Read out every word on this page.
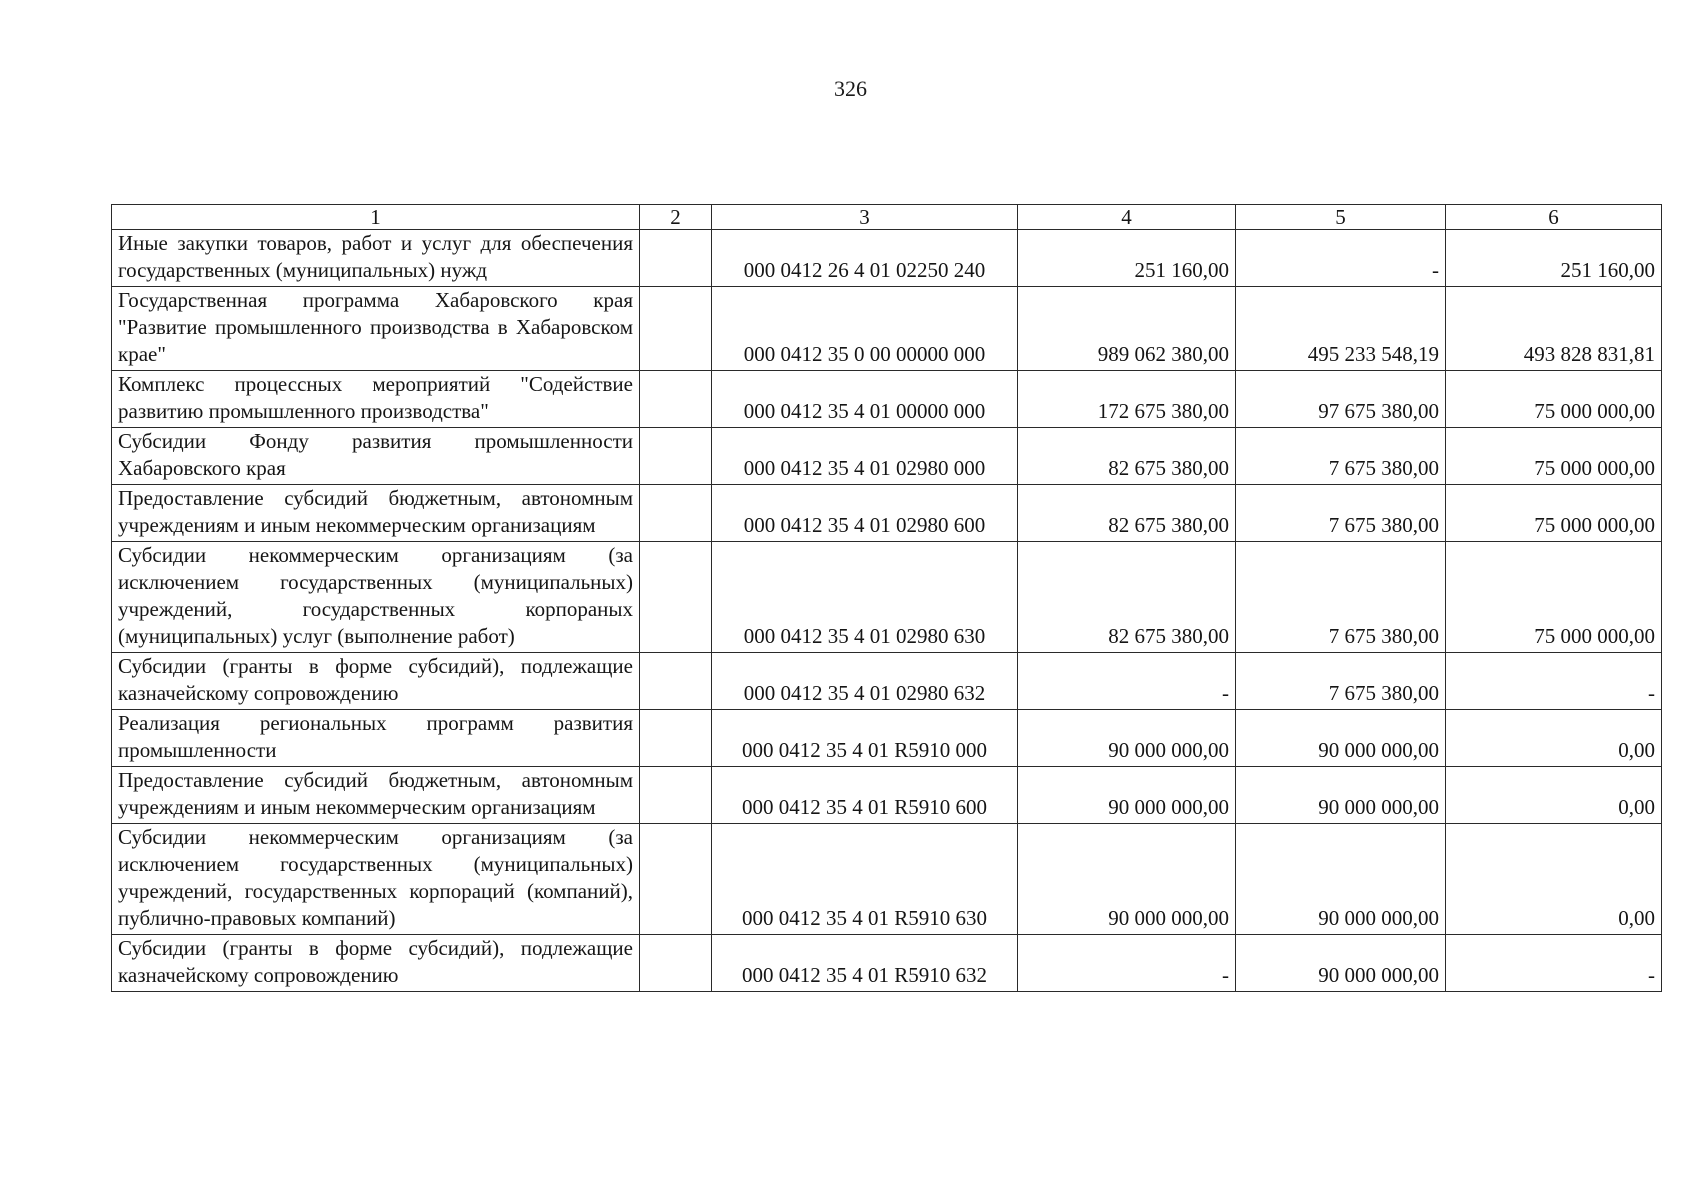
326
1	2	3	4	5	6
Иные закупки товаров, работ и услуг для обеспечения государственных (муниципальных) нужд		000 0412 26 4 01 02250 240	251 160,00	-	251 160,00
Государственная программа Хабаровского края "Развитие промышленного производства в Хабаровском крае"		000 0412 35 0 00 00000 000	989 062 380,00	495 233 548,19	493 828 831,81
Комплекс процессных мероприятий "Содействие развитию промышленного производства"		000 0412 35 4 01 00000 000	172 675 380,00	97 675 380,00	75 000 000,00
Субсидии Фонду развития промышленности Хабаровского края		000 0412 35 4 01 02980 000	82 675 380,00	7 675 380,00	75 000 000,00
Предоставление субсидий бюджетным, автономным учреждениям и иным некоммерческим организациям		000 0412 35 4 01 02980 600	82 675 380,00	7 675 380,00	75 000 000,00
Субсидии некоммерческим организациям (за исключением государственных (муниципальных) учреждений, государственных корпораных (муниципальных) услуг (выполнение работ)		000 0412 35 4 01 02980 630	82 675 380,00	7 675 380,00	75 000 000,00
Субсидии (гранты в форме субсидий), подлежащие казначейскому сопровождению		000 0412 35 4 01 02980 632	-	7 675 380,00	-
Реализация региональных программ развития промышленности		000 0412 35 4 01 R5910 000	90 000 000,00	90 000 000,00	0,00
Предоставление субсидий бюджетным, автономным учреждениям и иным некоммерческим организациям		000 0412 35 4 01 R5910 600	90 000 000,00	90 000 000,00	0,00
Субсидии некоммерческим организациям (за исключением государственных (муниципальных) учреждений, государственных корпораций (компаний), публично-правовых компаний)		000 0412 35 4 01 R5910 630	90 000 000,00	90 000 000,00	0,00
Субсидии (гранты в форме субсидий), подлежащие казначейскому сопровождению		000 0412 35 4 01 R5910 632	-	90 000 000,00	-
